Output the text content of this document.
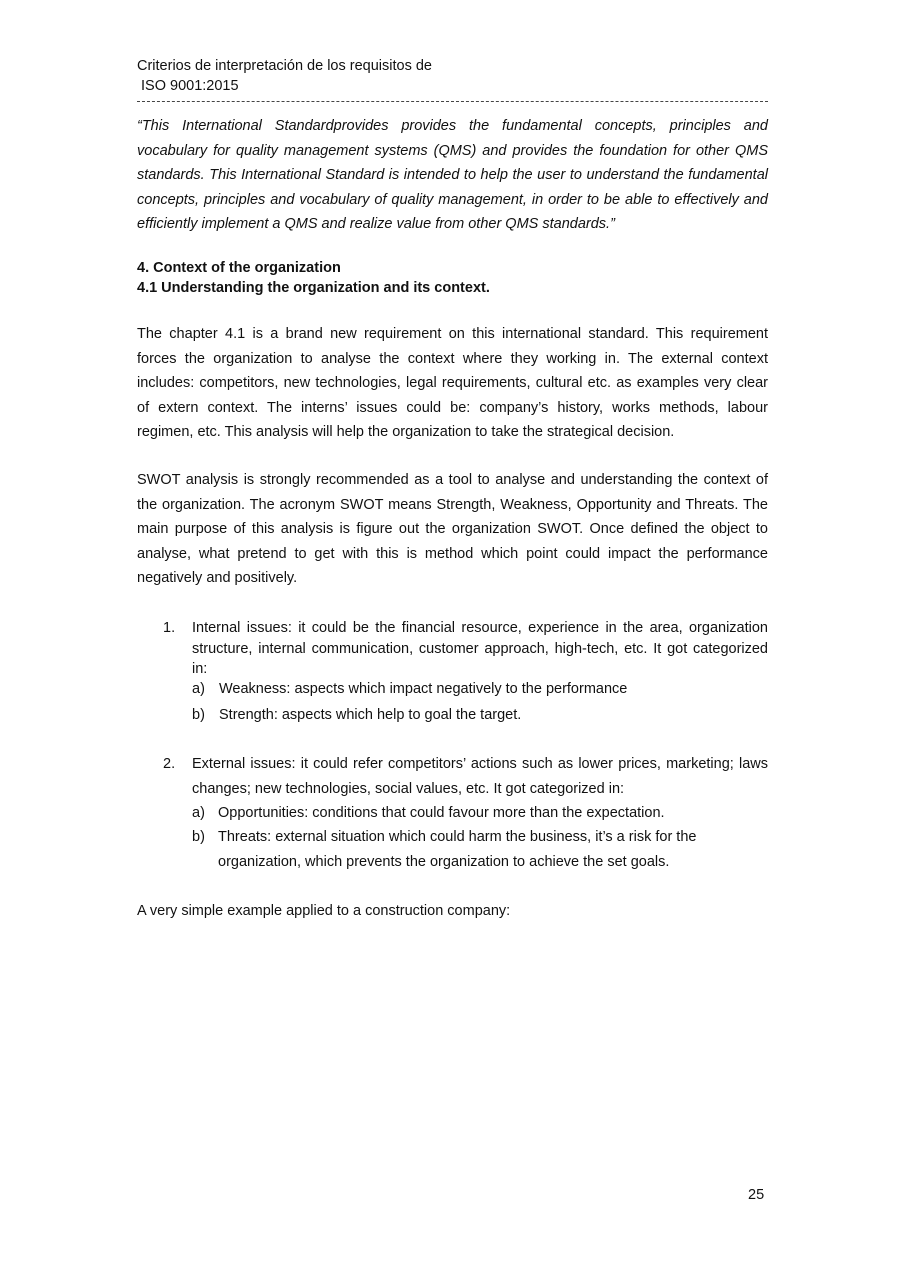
Criterios de interpretación de los requisitos de
ISO 9001:2015
“This International Standardprovides provides the fundamental concepts, principles and vocabulary for quality management systems (QMS) and provides the foundation for other QMS standards. This International Standard is intended to help the user to understand the fundamental concepts, principles and vocabulary of quality management, in order to be able to effectively and efficiently implement a QMS and realize value from other QMS standards.”
4. Context of the organization
4.1 Understanding the organization and its context.
The chapter 4.1 is a brand new requirement on this international standard. This requirement forces the organization to analyse the context where they working in. The external context includes: competitors, new technologies, legal requirements, cultural etc. as examples very clear of extern context. The interns’ issues could be: company’s history, works methods, labour regimen, etc. This analysis will help the organization to take the strategical decision.
SWOT analysis is strongly recommended as a tool to analyse and understanding the context of the organization. The acronym SWOT means Strength, Weakness, Opportunity and Threats. The main purpose of this analysis is figure out the organization SWOT. Once defined the object to analyse, what pretend to get with this is method which point could impact the performance negatively and positively.
1. Internal issues: it could be the financial resource, experience in the area, organization structure, internal communication, customer approach, high-tech, etc. It got categorized in:
a) Weakness: aspects which impact negatively to the performance
b) Strength: aspects which help to goal the target.
2. External issues: it could refer competitors’ actions such as lower prices, marketing; laws changes; new technologies, social values, etc. It got categorized in:
a) Opportunities: conditions that could favour more than the expectation.
b) Threats: external situation which could harm the business, it’s a risk for the organization, which prevents the organization to achieve the set goals.
A very simple example applied to a construction company:
25
